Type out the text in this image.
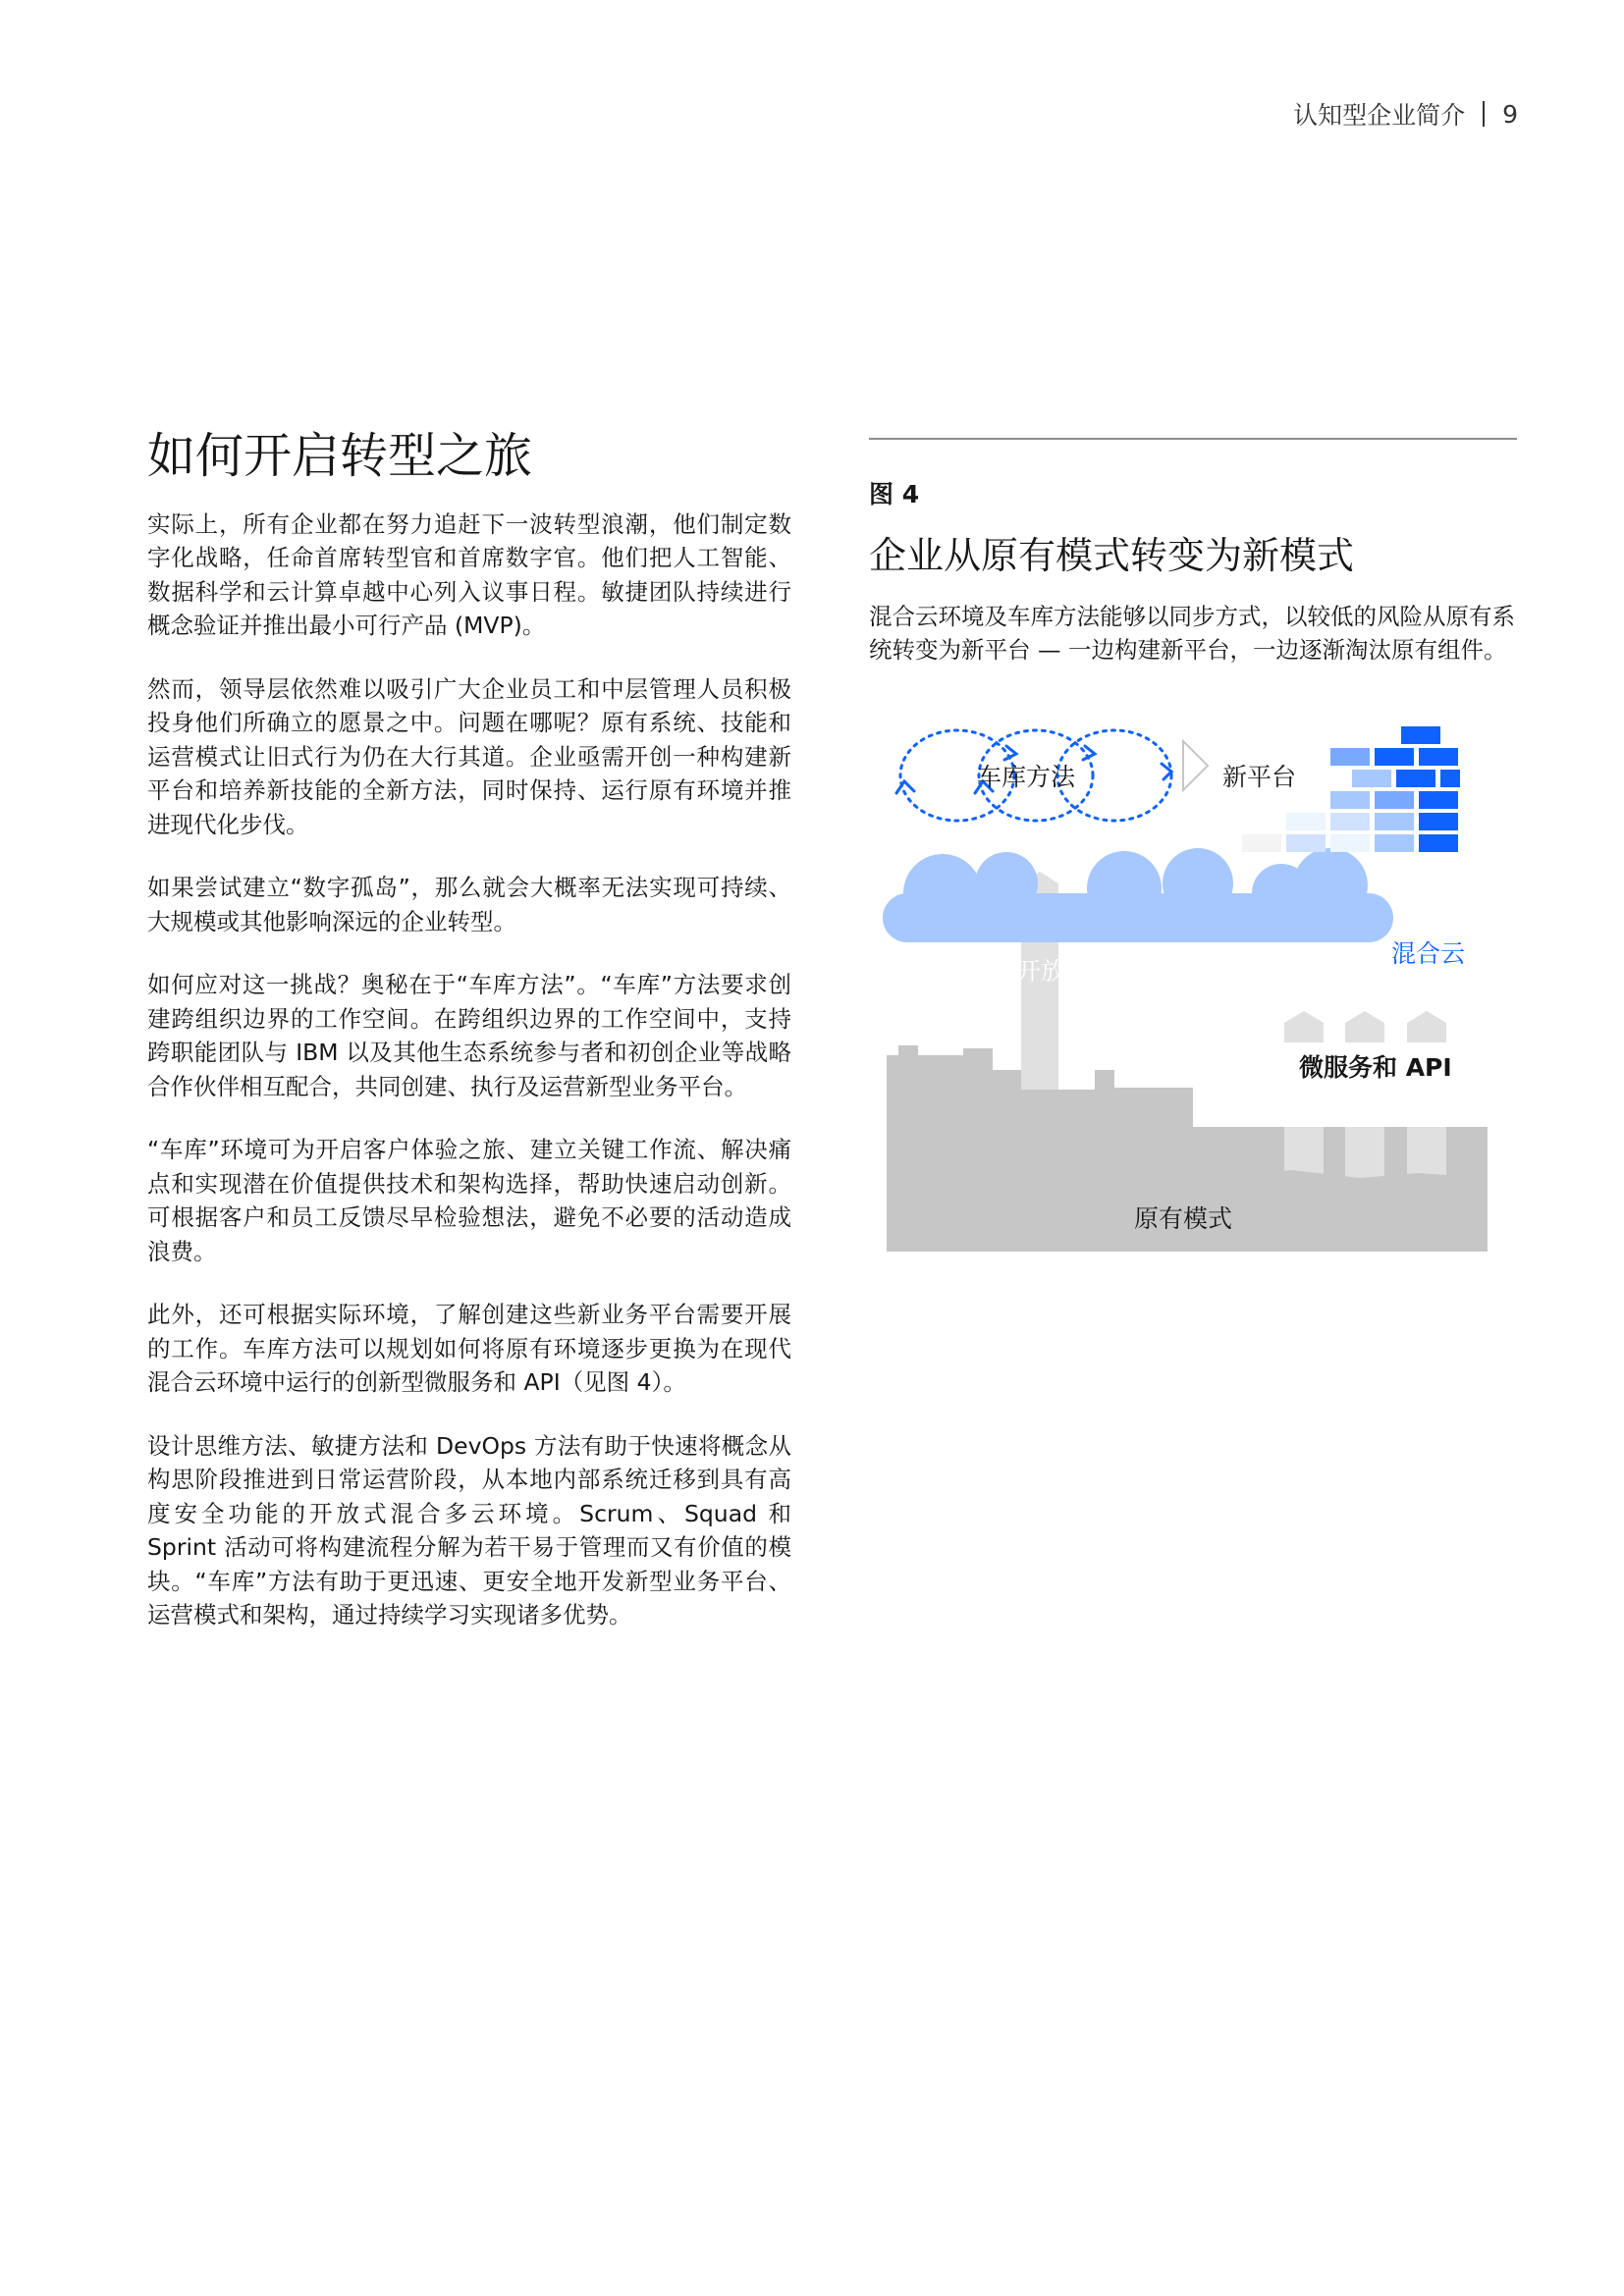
认知型企业简介 9
如何开启转型之旅

实际上，所有企业都在努力追赶下一波转型浪潮，他们制定数字化战略，任命首席转型官和首席数字官。他们把人工智能、数据科学和云计算卓越中心列入议事日程。敏捷团队持续进行概念验证并推出最小可行产品 (MVP)。

然而，领导层依然难以吸引广大企业员工和中层管理人员积极投身他们所确立的愿景之中。问题在哪呢？原有系统、技能和运营模式让旧式行为仍在大行其道。企业亟需开创一种构建新平台和培养新技能的全新方法，同时保持、运行原有环境并推进现代化步伐。

如果尝试建立“数字孤岛”，那么就会大概率无法实现可持续、大规模或其他影响深远的企业转型。

如何应对这一挑战？奥秘在于“车库方法”。“车库”方法要求创建跨组织边界的工作空间。在跨组织边界的工作空间中，支持跨职能团队与 IBM 以及其他生态系统参与者和初创企业等战略合作伙伴相互配合，共同创建、执行及运营新型业务平台。

“车库”环境可为开启客户体验之旅、建立关键工作流、解决痛点和实现潜在价值提供技术和架构选择，帮助快速启动创新。可根据客户和员工反馈尽早检验想法，避免不必要的活动造成浪费。

此外，还可根据实际环境，了解创建这些新业务平台需要开展的工作。车库方法可以规划如何将原有环境逐步更换为在现代混合云环境中运行的创新型微服务和 API（见图 4）。

设计思维方法、敏捷方法和 DevOps 方法有助于快速将概念从构思阶段推进到日常运营阶段，从本地内部系统迁移到具有高度安全功能的开放式混合多云环境。Scrum、Squad 和 Sprint 活动可将构建流程分解为若干易于管理而又有价值的模块。“车库”方法有助于更迅速、更安全地开发新型业务平台、运营模式和架构，通过持续学习实现诸多优势。

图 4
企业从原有模式转变为新模式
混合云环境及车库方法能够以同步方式，以较低的风险从原有系统转变为新平台 — 一边构建新平台，一边逐渐淘汰原有组件。
车库方法	新平台
开放式容器技术
混合云
微服务和 API
原有模式
